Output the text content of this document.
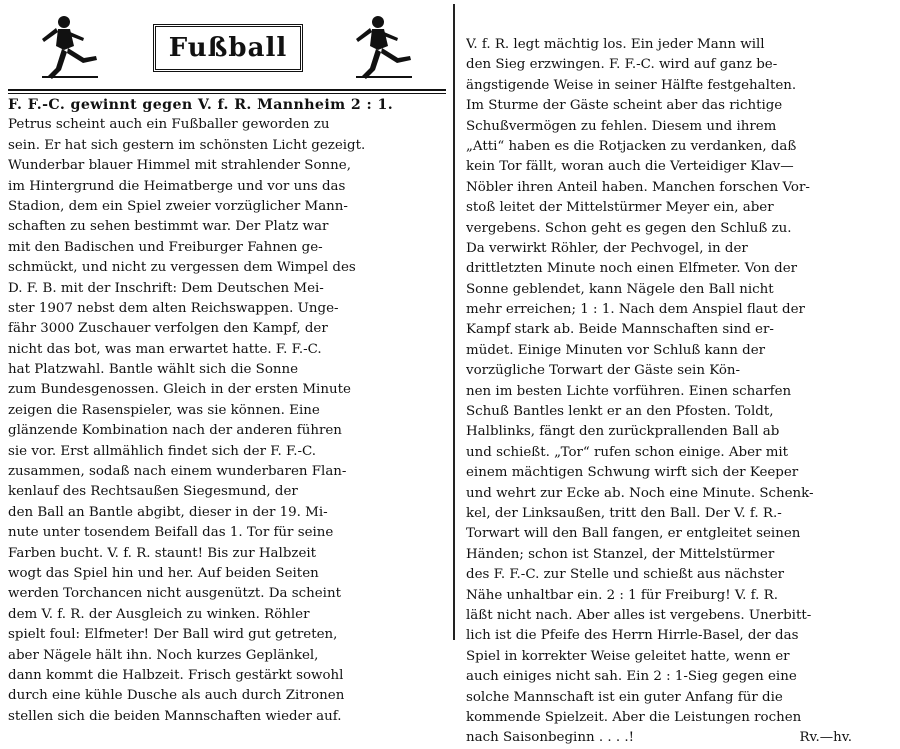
Fußball
F. F.-C. gewinnt gegen V. f. R. Mannheim 2 : 1.
Petrus scheint auch ein Fußballer geworden zu
sein. Er hat sich gestern im schönsten Licht gezeigt.
Wunderbar blauer Himmel mit strahlender Sonne,
im Hintergrund die Heimatberge und vor uns das
Stadion, dem ein Spiel zweier vorzüglicher Mann-
schaften zu sehen bestimmt war. Der Platz war
mit den Badischen und Freiburger Fahnen ge-
schmückt, und nicht zu vergessen dem Wimpel des
D. F. B. mit der Inschrift: Dem Deutschen Mei-
ster 1907 nebst dem alten Reichswappen. Unge-
fähr 3000 Zuschauer verfolgen den Kampf, der
nicht das bot, was man erwartet hatte. F. F.-C.
hat Platzwahl. Bantle wählt sich die Sonne
zum Bundesgenossen. Gleich in der ersten Minute
zeigen die Rasenspieler, was sie können. Eine
glänzende Kombination nach der anderen führen
sie vor. Erst allmählich findet sich der F. F.-C.
zusammen, sodaß nach einem wunderbaren Flan-
kenlauf des Rechtsaußen Siegesmund, der
den Ball an Bantle abgibt, dieser in der 19. Mi-
nute unter tosendem Beifall das 1. Tor für seine
Farben bucht. V. f. R. staunt! Bis zur Halbzeit
wogt das Spiel hin und her. Auf beiden Seiten
werden Torchancen nicht ausgenützt. Da scheint
dem V. f. R. der Ausgleich zu winken. Röhler
spielt foul: Elfmeter! Der Ball wird gut getreten,
aber Nägele hält ihn. Noch kurzes Geplänkel,
dann kommt die Halbzeit. Frisch gestärkt sowohl
durch eine kühle Dusche als auch durch Zitronen
stellen sich die beiden Mannschaften wieder auf.
V. f. R. legt mächtig los. Ein jeder Mann will
den Sieg erzwingen. F. F.-C. wird auf ganz be-
ängstigende Weise in seiner Hälfte festgehalten.
Im Sturme der Gäste scheint aber das richtige
Schußvermögen zu fehlen. Diesem und ihrem
„Atti“ haben es die Rotjacken zu verdanken, daß
kein Tor fällt, woran auch die Verteidiger Klav—
Nöbler ihren Anteil haben. Manchen forschen Vor-
stoß leitet der Mittelstürmer Meyer ein, aber
vergebens. Schon geht es gegen den Schluß zu.
Da verwirkt Röhler, der Pechvogel, in der
drittletzten Minute noch einen Elfmeter. Von der
Sonne geblendet, kann Nägele den Ball nicht
mehr erreichen; 1 : 1. Nach dem Anspiel flaut der
Kampf stark ab. Beide Mannschaften sind er-
müdet. Einige Minuten vor Schluß kann der
vorzügliche Torwart der Gäste sein Kön-
nen im besten Lichte vorführen. Einen scharfen
Schuß Bantles lenkt er an den Pfosten. Toldt,
Halblinks, fängt den zurückprallenden Ball ab
und schießt. „Tor“ rufen schon einige. Aber mit
einem mächtigen Schwung wirft sich der Keeper
und wehrt zur Ecke ab. Noch eine Minute. Schenk-
kel, der Linksaußen, tritt den Ball. Der V. f. R.-
Torwart will den Ball fangen, er entgleitet seinen
Händen; schon ist Stanzel, der Mittelstürmer
des F. F.-C. zur Stelle und schießt aus nächster
Nähe unhaltbar ein. 2 : 1 für Freiburg! V. f. R.
läßt nicht nach. Aber alles ist vergebens. Unerbitt-
lich ist die Pfeife des Herrn Hirrle-Basel, der das
Spiel in korrekter Weise geleitet hatte, wenn er
auch einiges nicht sah. Ein 2 : 1-Sieg gegen eine
solche Mannschaft ist ein guter Anfang für die
kommende Spielzeit. Aber die Leistungen rochen
nach Saisonbeginn . . . .!	Rv.—hv.
